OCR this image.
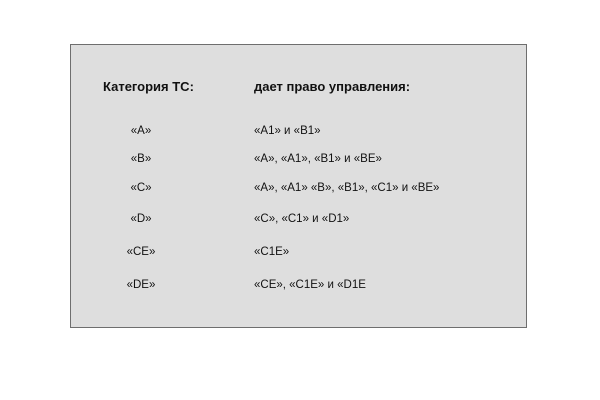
Категория ТС:	дает право управления:
«А»	«А1» и «В1»
«В»	«А», «А1», «В1» и «ВЕ»
«С»	«А», «А1» «В», «В1», «С1» и «ВЕ»
«D»	«С», «С1» и «D1»
«СЕ»	«С1Е»
«DE»	«СЕ», «С1Е» и «D1E
